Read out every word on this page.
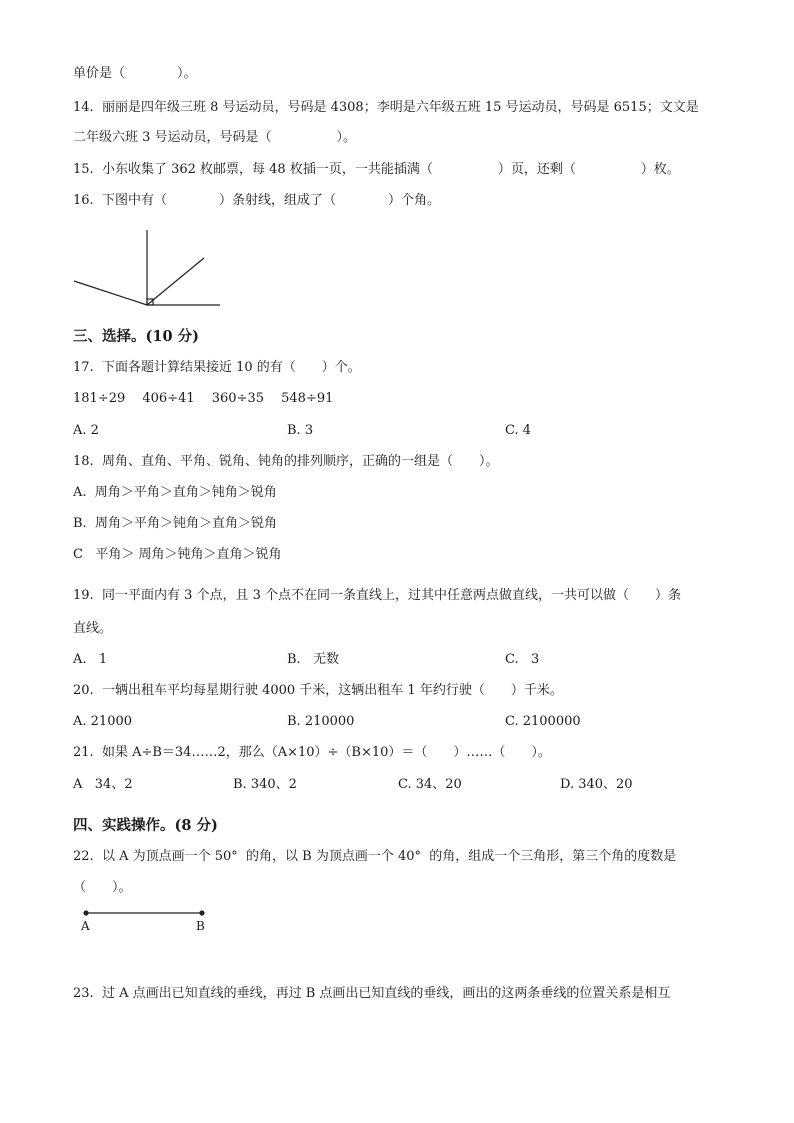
单价是（　　　　）。
14.  丽丽是四年级三班 8 号运动员，号码是 4308；李明是六年级五班 15 号运动员，号码是 6515；文文是
二年级六班 3 号运动员，号码是（　　　　　）。
15.  小东收集了 362 枚邮票，每 48 枚插一页，一共能插满（　　　　　）页，还剩（　　　　　）枚。
16.  下图中有（　　　　）条射线，组成了（　　　　）个角。
三、选择。(10 分)
17.  下面各题计算结果接近 10 的有（　　）个。
181÷29　 406÷41　 360÷35　 548÷91
A. 2	B. 3	C. 4
18.  周角、直角、平角、锐角、钝角的排列顺序，正确的一组是（　　）。
A.  周角＞平角＞直角＞钝角＞锐角
B.  周角＞平角＞钝角＞直角＞锐角
C   平角＞ 周角＞钝角＞直角＞锐角
19.  同一平面内有 3 个点，且 3 个点不在同一条直线上，过其中任意两点做直线，一共可以做（　　）条
直线。
A.   1	B.   无数	C.   3
20.  一辆出租车平均每星期行驶 4000 千米，这辆出租车 1 年约行驶（　　）千米。
A. 21000	B. 210000	C. 2100000
21.  如果 A÷B＝34……2，那么（A×10）÷（B×10）＝（　　）……（　　）。
A   34、2	B. 340、2	C. 34、20	D. 340、20
四、实践操作。(8 分)
22.  以 A 为顶点画一个 50°  的角，以 B 为顶点画一个 40°  的角，组成一个三角形，第三个角的度数是
（　　）。
A	B
23.  过 A 点画出已知直线的垂线，再过 B 点画出已知直线的垂线，画出的这两条垂线的位置关系是相互
